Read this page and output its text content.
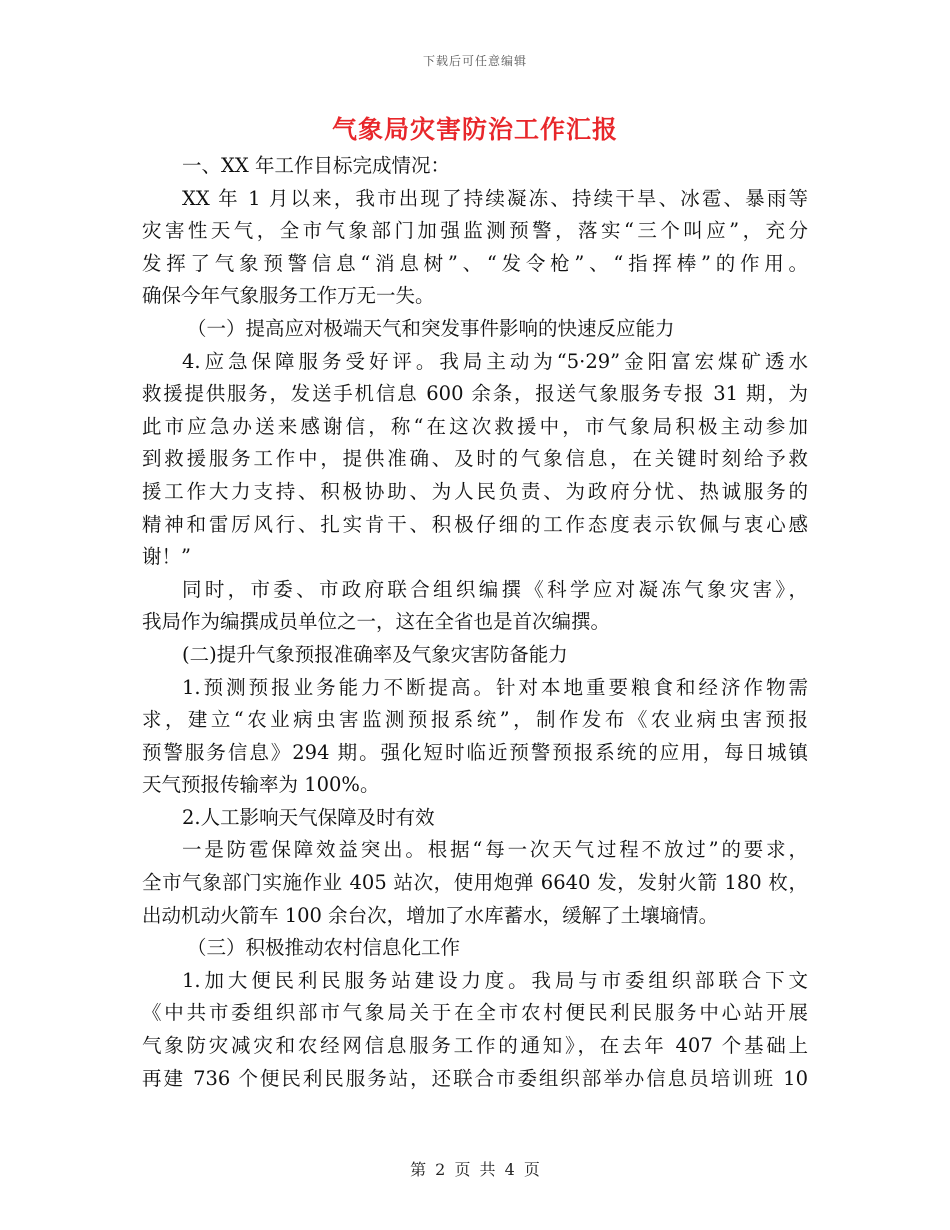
下载后可任意编辑
气象局灾害防治工作汇报
一、XX 年工作目标完成情况：
XX 年 1 月以来，我市出现了持续凝冻、持续干旱、冰雹、暴雨等
灾害性天气，全市气象部门加强监测预警，落实“三个叫应”，充分
发挥了气象预警信息“消息树”、“发令枪”、“指挥棒”的作用。
确保今年气象服务工作万无一失。
（一）提高应对极端天气和突发事件影响的快速反应能力
4.应急保障服务受好评。我局主动为“5·29”金阳富宏煤矿透水
救援提供服务，发送手机信息 600 余条，报送气象服务专报 31 期，为
此市应急办送来感谢信，称“在这次救援中，市气象局积极主动参加
到救援服务工作中，提供准确、及时的气象信息，在关键时刻给予救
援工作大力支持、积极协助、为人民负责、为政府分忧、热诚服务的
精神和雷厉风行、扎实肯干、积极仔细的工作态度表示钦佩与衷心感
谢！”
同时，市委、市政府联合组织编撰《科学应对凝冻气象灾害》，
我局作为编撰成员单位之一，这在全省也是首次编撰。
(二)提升气象预报准确率及气象灾害防备能力
1.预测预报业务能力不断提高。针对本地重要粮食和经济作物需
求，建立“农业病虫害监测预报系统”，制作发布《农业病虫害预报
预警服务信息》294 期。强化短时临近预警预报系统的应用，每日城镇
天气预报传输率为 100%。
2.人工影响天气保障及时有效
一是防雹保障效益突出。根据“每一次天气过程不放过”的要求，
全市气象部门实施作业 405 站次，使用炮弹 6640 发，发射火箭 180 枚，
出动机动火箭车 100 余台次，增加了水库蓄水，缓解了土壤墒情。
（三）积极推动农村信息化工作
1.加大便民利民服务站建设力度。我局与市委组织部联合下文
《中共市委组织部市气象局关于在全市农村便民利民服务中心站开展
气象防灾减灾和农经网信息服务工作的通知》，在去年 407 个基础上
再建 736 个便民利民服务站，还联合市委组织部举办信息员培训班 10
第 2 页 共 4 页
